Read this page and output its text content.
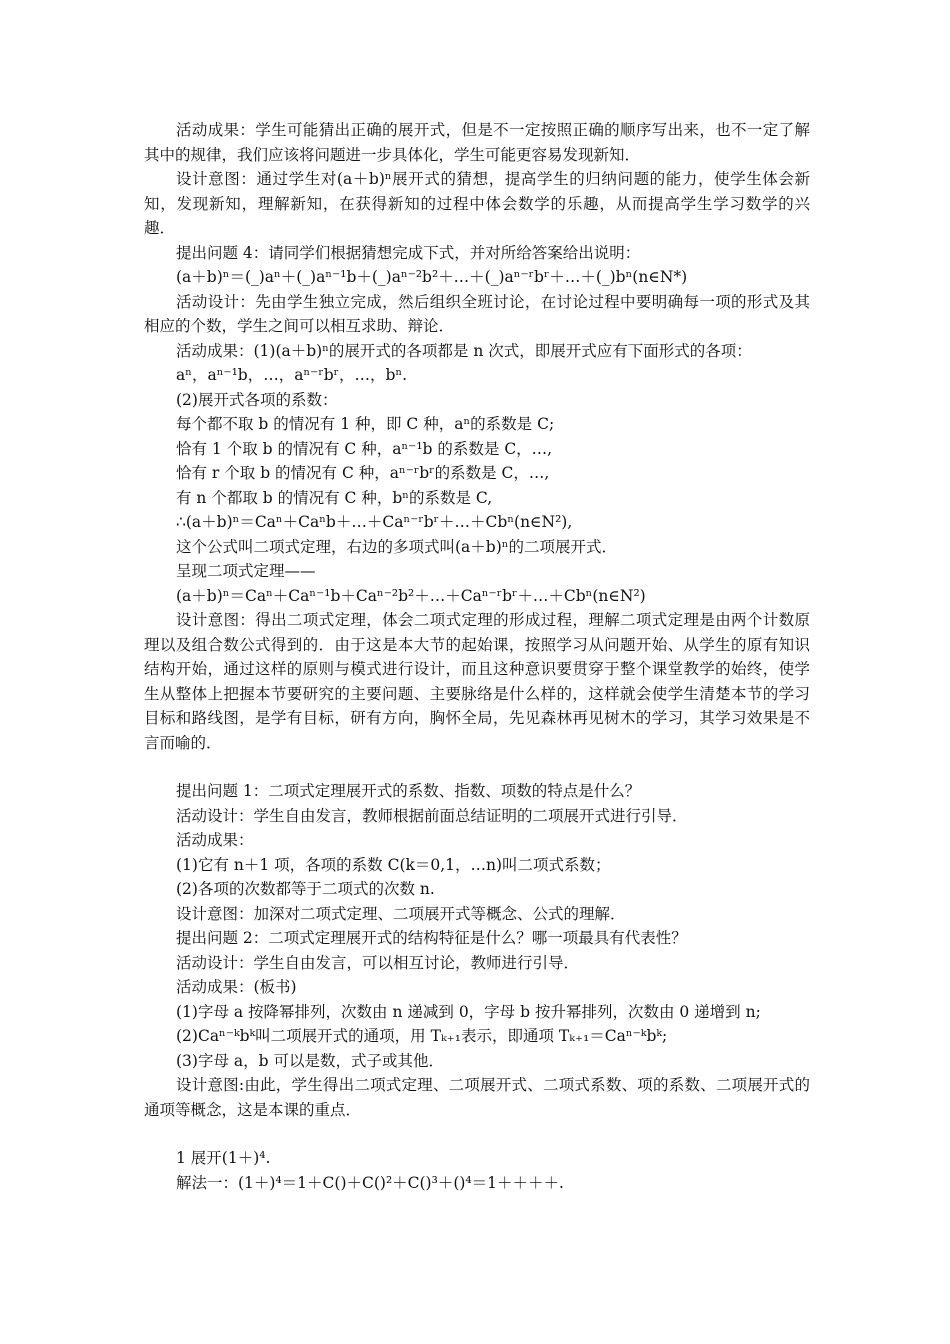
活动成果：学生可能猜出正确的展开式，但是不一定按照正确的顺序写出来，也不一定了解其中的规律，我们应该将问题进一步具体化，学生可能更容易发现新知．

设计意图：通过学生对(a＋b)ⁿ展开式的猜想，提高学生的归纳问题的能力，使学生体会新知，发现新知，理解新知，在获得新知的过程中体会数学的乐趣，从而提高学生学习数学的兴趣．

提出问题 4：请同学们根据猜想完成下式，并对所给答案给出说明：

(a＋b)ⁿ＝(_)aⁿ＋(_)aⁿ⁻¹b＋(_)aⁿ⁻²b²＋…＋(_)aⁿ⁻ʳbʳ＋…＋(_)bⁿ(n∈N*)

活动设计：先由学生独立完成，然后组织全班讨论，在讨论过程中要明确每一项的形式及其相应的个数，学生之间可以相互求助、辩论．

活动成果：(1)(a＋b)ⁿ的展开式的各项都是 n 次式，即展开式应有下面形式的各项：

aⁿ，aⁿ⁻¹b，…，aⁿ⁻ʳbʳ，…，bⁿ.

(2)展开式各项的系数：

每个都不取 b 的情况有 1 种，即 C 种，aⁿ的系数是 C;

恰有 1 个取 b 的情况有 C 种，aⁿ⁻¹b 的系数是 C，…,

恰有 r 个取 b 的情况有 C 种，aⁿ⁻ʳbʳ的系数是 C，…,

有 n 个都取 b 的情况有 C 种，bⁿ的系数是 C,

∴(a＋b)ⁿ＝Caⁿ＋Caⁿb＋…＋Caⁿ⁻ʳbʳ＋…＋Cbⁿ(n∈N²),

这个公式叫二项式定理，右边的多项式叫(a＋b)ⁿ的二项展开式．

呈现二项式定理——

(a＋b)ⁿ＝Caⁿ＋Caⁿ⁻¹b＋Caⁿ⁻²b²＋…＋Caⁿ⁻ʳbʳ＋…＋Cbⁿ(n∈N²)

设计意图：得出二项式定理，体会二项式定理的形成过程，理解二项式定理是由两个计数原理以及组合数公式得到的．由于这是本大节的起始课，按照学习从问题开始、从学生的原有知识结构开始，通过这样的原则与模式进行设计，而且这种意识要贯穿于整个课堂教学的始终，使学生从整体上把握本节要研究的主要问题、主要脉络是什么样的，这样就会使学生清楚本节的学习目标和路线图，是学有目标，研有方向，胸怀全局，先见森林再见树木的学习，其学习效果是不言而喻的．

提出问题 1：二项式定理展开式的系数、指数、项数的特点是什么？

活动设计：学生自由发言，教师根据前面总结证明的二项展开式进行引导．

活动成果：

(1)它有 n＋1 项，各项的系数 C(k＝0,1，…n)叫二项式系数；

(2)各项的次数都等于二项式的次数 n.

设计意图：加深对二项式定理、二项展开式等概念、公式的理解．

提出问题 2：二项式定理展开式的结构特征是什么？哪一项最具有代表性？

活动设计：学生自由发言，可以相互讨论，教师进行引导．

活动成果：(板书)

(1)字母 a 按降幂排列，次数由 n 递减到 0，字母 b 按升幂排列，次数由 0 递增到 n;

(2)Caⁿ⁻ᵏbᵏ叫二项展开式的通项，用 Tₖ₊₁表示，即通项 Tₖ₊₁＝Caⁿ⁻ᵏbᵏ;

(3)字母 a，b 可以是数，式子或其他．

设计意图:由此，学生得出二项式定理、二项展开式、二项式系数、项的系数、二项展开式的通项等概念，这是本课的重点．

1 展开(1＋)⁴.

解法一：(1＋)⁴＝1＋C()＋C()²＋C()³＋()⁴＝1＋＋＋＋.
